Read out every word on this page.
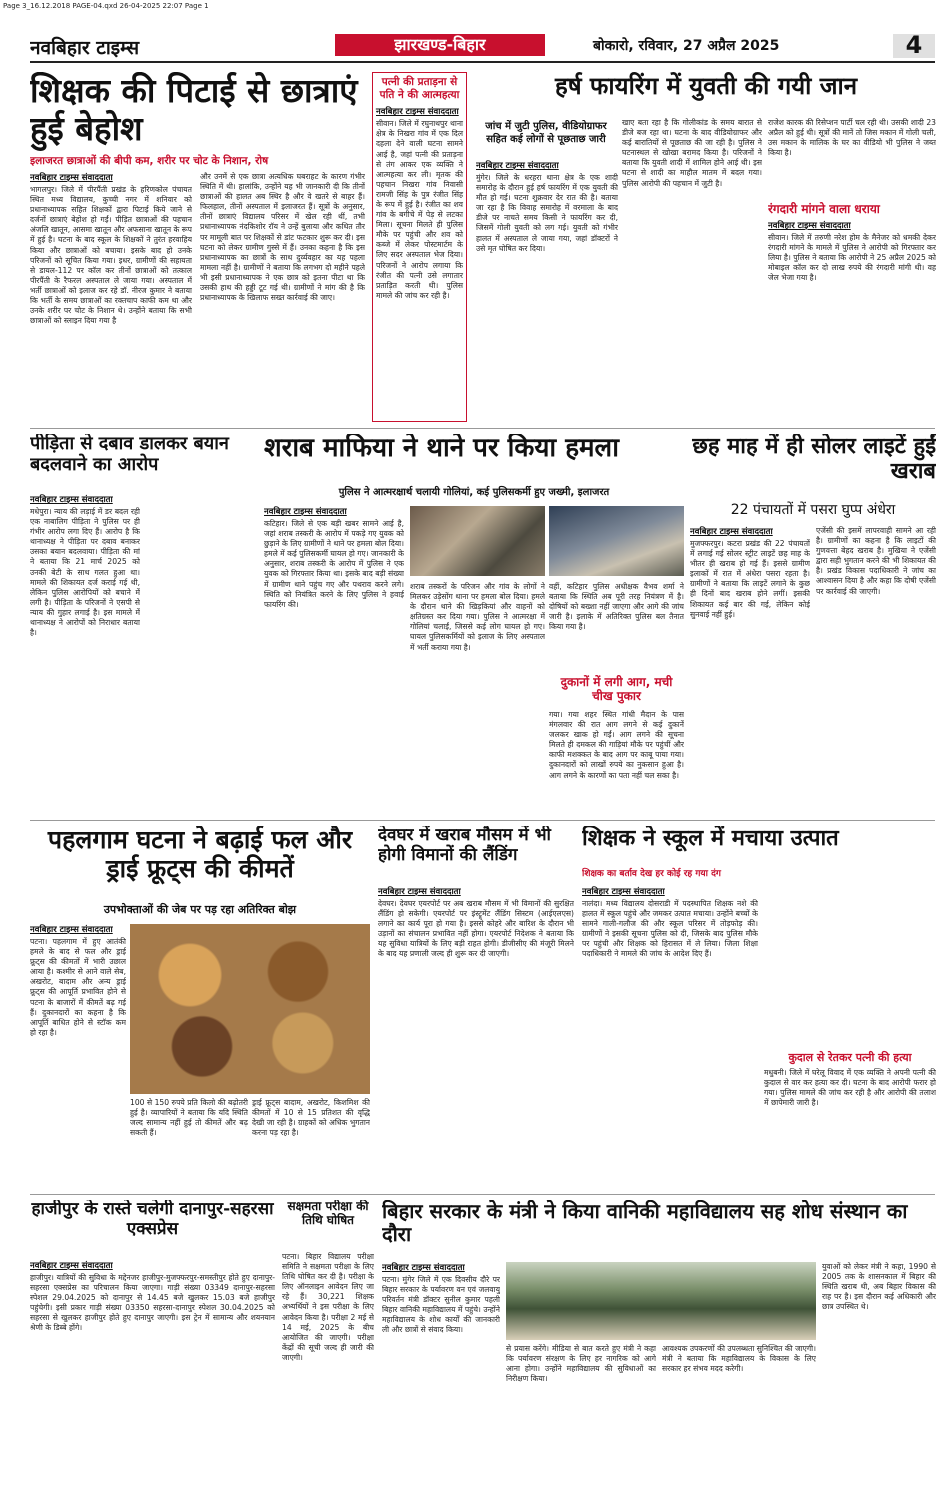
Page 3_16.12.2018 PAGE-04.qxd 26-04-2025 22:07 Page 1
नवबिहार टाइम्स	झारखण्ड-बिहार	बोकारो, रविवार, 27 अप्रैल 2025	4
शिक्षक की पिटाई से छात्राएं हुई बेहोश
इलाजरत छात्राओं की बीपी कम, शरीर पर चोट के निशान, रोष
नवबिहार टाइम्स संवाददाता
भागलपुर। जिले में पीरपैंती प्रखंड के हरिणकोल पंचायत स्थित मध्य विद्यालय, कुच्ची नगर में शनिवार को प्रधानाध्यापक सहित शिक्षकों द्वारा पिटाई किये जाने से दर्जनों छात्राएं बेहोश हो गईं। पीड़ित छात्राओं की पहचान अंजलि खातून, आसमा खातून और अफसाना खातून के रूप में हुई है। घटना के बाद स्कूल के शिक्षकों ने तुरंत हरवाहिय किया और छात्राओं को बचाया। इसके बाद हो उनके परिजनों को सूचित किया गया। इधर, ग्रामीणों की सहायता से डायल-112 पर कॉल कर तीनों छात्राओं को तत्काल पीरपैंती के रैफरल अस्पताल ले जाया गया। अस्पताल में भर्ती छात्राओं को इलाज कर रहे डॉ. नीरज कुमार ने बताया कि भर्ती के समय छात्राओं का रक्तचाप काफी कम था और उनके शरीर पर चोट के निशान थे। उन्होंने बताया कि सभी छात्राओं को स्लाइन दिया गया है
और उनमें से एक छात्रा अत्यधिक घबराहट के कारण गंभीर स्थिति में थी। हालांकि, उन्होंने यह भी जानकारी दी कि तीनों छात्राओं की हालत अब स्थिर है और वे खतरे से बाहर हैं। फिलहाल, तीनों अस्पताल में इलाजरत हैं। सूत्रों के अनुसार, तीनों छात्राएं विद्यालय परिसर में खेल रही थीं, तभी प्रधानाध्यापक नंदकिशोर रॉय ने उन्हें बुलाया और कथित तौर पर मामूली बात पर शिक्षकों से डांट फटकार शुरू कर दी। इस घटना को लेकर ग्रामीण गुस्से में हैं। उनका कहना है कि इस प्रधानाध्यापक का छात्रों के साथ दुर्व्यवहार का यह पहला मामला नहीं है। ग्रामीणों ने बताया कि लगभग दो महीने पहले भी इसी प्रधानाध्यापक ने एक छात्र को इतना पीटा था कि उसकी हाथ की हड्डी टूट गई थी। ग्रामीणों ने मांग की है कि प्रधानाध्यापक के खिलाफ सख्त कार्रवाई की जाए।
पत्नी की प्रताड़ना से पति ने की आत्महत्या
नवबिहार टाइम्स संवाददाता
सीवान। जिले में रघुनाथपुर थाना क्षेत्र के निखरा गांव में एक दिल दहला देने वाली घटना सामने आई है, जहां पत्नी की प्रताड़ना से तंग आकर एक व्यक्ति ने आत्महत्या कर ली। मृतक की पहचान निखरा गांव निवासी रामजी सिंह के पुत्र रंजीत सिंह के रूप में हुई है। रंजीत का शव गांव के बगीचे में पेड़ से लटका मिला। सूचना मिलते ही पुलिस मौके पर पहुंची और शव को कब्जे में लेकर पोस्टमार्टम के लिए सदर अस्पताल भेज दिया। परिजनों ने आरोप लगाया कि रंजीत की पत्नी उसे लगातार प्रताड़ित करती थी। पुलिस मामले की जांच कर रही है।
हर्ष फायरिंग में युवती की गयी जान
जांच में जुटी पुलिस, वीडियोग्राफर सहित कई लोगों से पूछताछ जारी
नवबिहार टाइम्स संवाददाता
मुंगेर। जिले के धरहरा थाना क्षेत्र के एक शादी समारोह के दौरान हुई हर्ष फायरिंग में एक युवती की मौत हो गई। घटना शुक्रवार देर रात की है। बताया जा रहा है कि विवाह समारोह में वरमाला के बाद डीजे पर नाचते समय किसी ने फायरिंग कर दी, जिसमें गोली युवती को लग गई। युवती को गंभीर हालत में अस्पताल ले जाया गया, जहां डॉक्टरों ने उसे मृत घोषित कर दिया।
खाए बता रहा है कि गोलीकांड के समय बारात से डीजे बज रहा था। घटना के बाद वीडियोग्राफर और कई बारातियों से पूछताछ की जा रही है। पुलिस ने घटनास्थल से खोखा बरामद किया है। परिजनों ने बताया कि युवती शादी में शामिल होने आई थी। इस घटना से शादी का माहौल मातम में बदल गया। पुलिस आरोपी की पहचान में जुटी है।
राजेश कारक की रिसेप्शन पार्टी चल रही थी। उसकी शादी 23 अप्रैल को हुई थी। सूत्रों की मानें तो जिस मकान में गोली चली, उस मकान के मालिक के घर का वीडियो भी पुलिस ने जब्त किया है।
रंगदारी मांगने वाला धराया
नवबिहार टाइम्स संवाददाता
सीवान। जिले में तरुणी नरेश होम के मैनेजर को धमकी देकर रंगदारी मांगने के मामले में पुलिस ने आरोपी को गिरफ्तार कर लिया है। पुलिस ने बताया कि आरोपी ने 25 अप्रैल 2025 को मोबाइल कॉल कर दो लाख रुपये की रंगदारी मांगी थी। वह जेल भेजा गया है।
पीड़िता से दबाव डालकर बयान बदलवाने का आरोप
नवबिहार टाइम्स संवाददाता
मधेपुरा। न्याय की लड़ाई में डर बदल रही एक नाबालिग पीड़िता ने पुलिस पर ही गंभीर आरोप लगा दिए हैं। आरोप है कि थानाध्यक्ष ने पीड़िता पर दबाव बनाकर उसका बयान बदलवाया। पीड़िता की मां ने बताया कि 21 मार्च 2025 को उनकी बेटी के साथ गलत हुआ था। मामले की शिकायत दर्ज कराई गई थी, लेकिन पुलिस आरोपियों को बचाने में लगी है। पीड़िता के परिजनों ने एसपी से न्याय की गुहार लगाई है। इस मामले में थानाध्यक्ष ने आरोपों को निराधार बताया है।
शराब माफिया ने थाने पर किया हमला
पुलिस ने आत्मरक्षार्थ चलायी गोलियां, कई पुलिसकर्मी हुए जख्मी, इलाजरत
नवबिहार टाइम्स संवाददाता
कटिहार। जिले से एक बड़ी खबर सामने आई है, जहां शराब तस्करी के आरोप में पकड़े गए युवक को छुड़ाने के लिए ग्रामीणों ने थाने पर हमला बोल दिया। हमले में कई पुलिसकर्मी घायल हो गए। जानकारी के अनुसार, शराब तस्करी के आरोप में पुलिस ने एक युवक को गिरफ्तार किया था। इसके बाद बड़ी संख्या में ग्रामीण थाने पहुंच गए और पथराव करने लगे। स्थिति को नियंत्रित करने के लिए पुलिस ने हवाई फायरिंग की।
शराब तस्करों के परिजन और गांव के लोगों ने मिलकर उड़ेसोंग थाना पर हमला बोल दिया। हमले के दौरान थाने की खिड़कियां और वाहनों को क्षतिग्रस्त कर दिया गया। पुलिस ने आत्मरक्षा में गोलियां चलाईं, जिससे कई लोग घायल हो गए। घायल पुलिसकर्मियों को इलाज के लिए अस्पताल में भर्ती कराया गया है।
वहीं, कटिहार पुलिस अधीक्षक वैभव शर्मा ने बताया कि स्थिति अब पूरी तरह नियंत्रण में है। दोषियों को बख्शा नहीं जाएगा और आगे की जांच जारी है। इलाके में अतिरिक्त पुलिस बल तैनात किया गया है।
दुकानों में लगी आग, मची चीख पुकार
गया। गया शहर स्थित गांधी मैदान के पास मंगलवार की रात आग लगने से कई दुकानें जलकर खाक हो गईं। आग लगने की सूचना मिलते ही दमकल की गाड़ियां मौके पर पहुंचीं और काफी मशक्कत के बाद आग पर काबू पाया गया। दुकानदारों को लाखों रुपये का नुकसान हुआ है। आग लगने के कारणों का पता नहीं चल सका है।
छह माह में ही सोलर लाइटें हुईं खराब
22 पंचायतों में पसरा घुप्प अंधेरा
नवबिहार टाइम्स संवाददाता
मुजफ्फरपुर। कटरा प्रखंड की 22 पंचायतों में लगाई गई सोलर स्ट्रीट लाइटें छह माह के भीतर ही खराब हो गई हैं। इससे ग्रामीण इलाकों में रात में अंधेरा पसरा रहता है। ग्रामीणों ने बताया कि लाइटें लगाने के कुछ ही दिनों बाद खराब होने लगीं। इसकी शिकायत कई बार की गई, लेकिन कोई सुनवाई नहीं हुई।
एजेंसी की इसमें लापरवाही सामने आ रही है। ग्रामीणों का कहना है कि लाइटों की गुणवत्ता बेहद खराब है। मुखिया ने एजेंसी द्वारा सही भुगतान करने की भी शिकायत की है। प्रखंड विकास पदाधिकारी ने जांच का आश्वासन दिया है और कहा कि दोषी एजेंसी पर कार्रवाई की जाएगी।
पहलगाम घटना ने बढ़ाई फल और ड्राई फ्रूट्स की कीमतें
उपभोक्ताओं की जेब पर पड़ रहा अतिरिक्त बोझ
नवबिहार टाइम्स संवाददाता
पटना। पहलगाम में हुए आतंकी हमले के बाद से फल और ड्राई फ्रूट्स की कीमतों में भारी उछाल आया है। कश्मीर से आने वाले सेब, अखरोट, बादाम और अन्य ड्राई फ्रूट्स की आपूर्ति प्रभावित होने से पटना के बाजारों में कीमतें बढ़ गई हैं। दुकानदारों का कहना है कि आपूर्ति बाधित होने से स्टॉक कम हो रहा है।
100 से 150 रुपये प्रति किलो की बढ़ोतरी हुई है। व्यापारियों ने बताया कि यदि स्थिति जल्द सामान्य नहीं हुई तो कीमतें और बढ़ सकती हैं।
ड्राई फ्रूट्स बादाम, अखरोट, किशमिश की कीमतों में 10 से 15 प्रतिशत की वृद्धि देखी जा रही है। ग्राहकों को अधिक भुगतान करना पड़ रहा है।
देवघर में खराब मौसम में भी होगी विमानों की लैंडिंग
नवबिहार टाइम्स संवाददाता
देवघर। देवघर एयरपोर्ट पर अब खराब मौसम में भी विमानों की सुरक्षित लैंडिंग हो सकेगी। एयरपोर्ट पर इंस्ट्रूमेंट लैंडिंग सिस्टम (आईएलएस) लगाने का कार्य पूरा हो गया है। इससे कोहरे और बारिश के दौरान भी उड़ानों का संचालन प्रभावित नहीं होगा। एयरपोर्ट निदेशक ने बताया कि यह सुविधा यात्रियों के लिए बड़ी राहत होगी। डीजीसीए की मंजूरी मिलने के बाद यह प्रणाली जल्द ही शुरू कर दी जाएगी।
शिक्षक ने स्कूल में मचाया उत्पात
शिक्षक का बर्ताव देख हर कोई रह गया दंग
नवबिहार टाइम्स संवाददाता
नालंदा। मध्य विद्यालय दोसराडी में पदस्थापित शिक्षक नशे की हालत में स्कूल पहुंचे और जमकर उत्पात मचाया। उन्होंने बच्चों के सामने गाली-गलौज की और स्कूल परिसर में तोड़फोड़ की। ग्रामीणों ने इसकी सूचना पुलिस को दी, जिसके बाद पुलिस मौके पर पहुंची और शिक्षक को हिरासत में ले लिया। जिला शिक्षा पदाधिकारी ने मामले की जांच के आदेश दिए हैं।
कुदाल से रेतकर पत्नी की हत्या
मधुबनी। जिले में घरेलू विवाद में एक व्यक्ति ने अपनी पत्नी की कुदाल से वार कर हत्या कर दी। घटना के बाद आरोपी फरार हो गया। पुलिस मामले की जांच कर रही है और आरोपी की तलाश में छापेमारी जारी है।
हाजीपुर के रास्ते चलेगी दानापुर-सहरसा एक्सप्रेस
नवबिहार टाइम्स संवाददाता
हाजीपुर। यात्रियों की सुविधा के मद्देनजर हाजीपुर-मुजफ्फरपुर-समस्तीपुर होते हुए दानापुर-सहरसा एक्सप्रेस का परिचालन किया जाएगा। गाड़ी संख्या 03349 दानापुर-सहरसा स्पेशल 29.04.2025 को दानापुर से 14.45 बजे खुलकर 15.03 बजे हाजीपुर पहुंचेगी। इसी प्रकार गाड़ी संख्या 03350 सहरसा-दानापुर स्पेशल 30.04.2025 को सहरसा से खुलकर हाजीपुर होते हुए दानापुर जाएगी। इस ट्रेन में सामान्य और शयनयान श्रेणी के डिब्बे होंगे।
सक्षमता परीक्षा की तिथि घोषित
पटना। बिहार विद्यालय परीक्षा समिति ने सक्षमता परीक्षा के लिए तिथि घोषित कर दी है। परीक्षा के लिए ऑनलाइन आवेदन लिए जा रहे हैं। 30,221 शिक्षक अभ्यर्थियों ने इस परीक्षा के लिए आवेदन किया है। परीक्षा 2 मई से 14 मई, 2025 के बीच आयोजित की जाएगी। परीक्षा केंद्रों की सूची जल्द ही जारी की जाएगी।
बिहार सरकार के मंत्री ने किया वानिकी महाविद्यालय सह शोध संस्थान का दौरा
नवबिहार टाइम्स संवाददाता
पटना। मुंगेर जिले में एक दिवसीय दौरे पर बिहार सरकार के पर्यावरण वन एवं जलवायु परिवर्तन मंत्री डॉक्टर सुनील कुमार पहली बिहार वानिकी महाविद्यालय में पहुंचे। उन्होंने महाविद्यालय के शोध कार्यों की जानकारी ली और छात्रों से संवाद किया।
से प्रयास करेंगे। मीडिया से बात करते हुए मंत्री ने कहा कि पर्यावरण संरक्षण के लिए हर नागरिक को आगे आना होगा। उन्होंने महाविद्यालय की सुविधाओं का निरीक्षण किया।
आवश्यक उपकरणों की उपलब्धता सुनिश्चित की जाएगी। मंत्री ने बताया कि महाविद्यालय के विकास के लिए सरकार हर संभव मदद करेगी।
युवाओं को लेकर मंत्री ने कहा, 1990 से 2005 तक के शासनकाल में बिहार की स्थिति खराब थी, अब बिहार विकास की राह पर है। इस दौरान कई अधिकारी और छात्र उपस्थित थे।
